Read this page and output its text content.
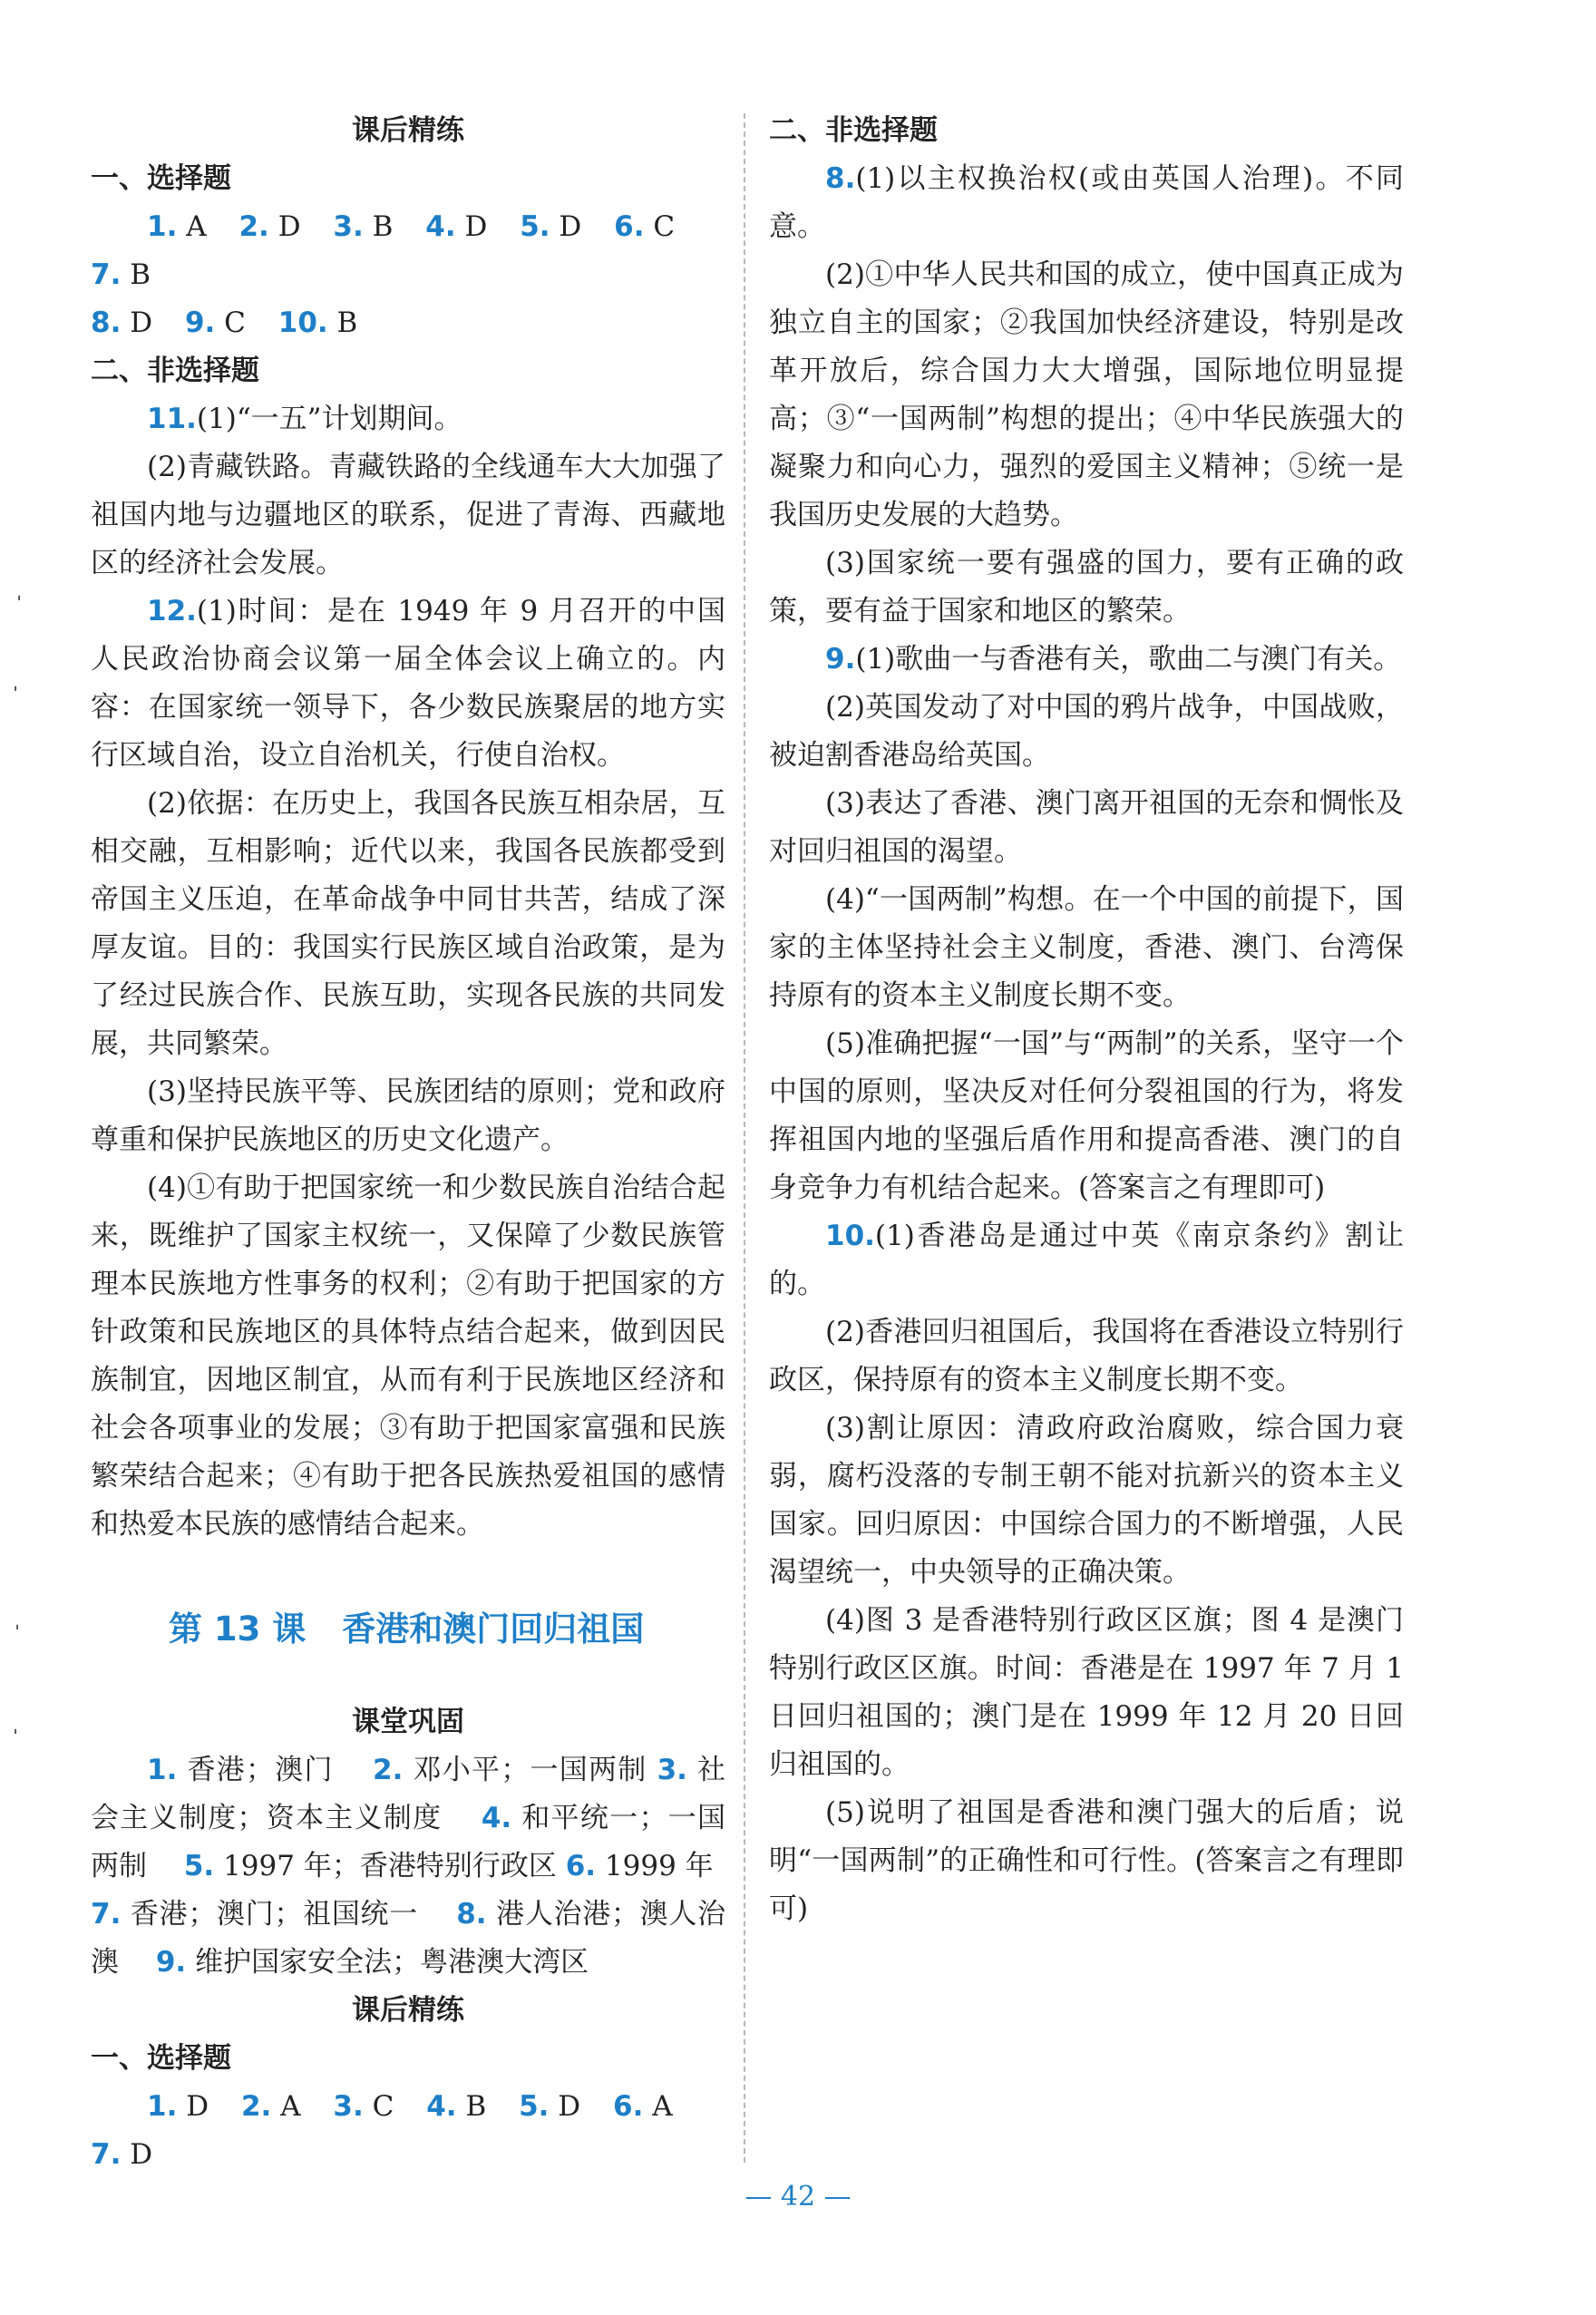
ˌ
ˈ
ˈ
ˈ
课后精练
一、选择题

1. A 2. D 3. B 4. D 5. D 6. C 7. B

8. D 9. C 10. B

二、非选择题

11.(1)“一五”计划期间。

(2)青藏铁路。青藏铁路的全线通车大大加强了祖国内地与边疆地区的联系，促进了青海、西藏地区的经济社会发展。

12.(1)时间：是在 1949 年 9 月召开的中国人民政治协商会议第一届全体会议上确立的。内容：在国家统一领导下，各少数民族聚居的地方实行区域自治，设立自治机关，行使自治权。

(2)依据：在历史上，我国各民族互相杂居，互相交融，互相影响；近代以来，我国各民族都受到帝国主义压迫，在革命战争中同甘共苦，结成了深厚友谊。目的：我国实行民族区域自治政策，是为了经过民族合作、民族互助，实现各民族的共同发展，共同繁荣。

(3)坚持民族平等、民族团结的原则；党和政府尊重和保护民族地区的历史文化遗产。

(4)①有助于把国家统一和少数民族自治结合起来，既维护了国家主权统一，又保障了少数民族管理本民族地方性事务的权利；②有助于把国家的方针政策和民族地区的具体特点结合起来，做到因民族制宜，因地区制宜，从而有利于民族地区经济和社会各项事业的发展；③有助于把国家富强和民族繁荣结合起来；④有助于把各民族热爱祖国的感情和热爱本民族的感情结合起来。

第 13 课 香港和澳门回归祖国
课堂巩固

1. 香港；澳门　 2. 邓小平；一国两制 3. 社会主义制度；资本主义制度　 4. 和平统一；一国两制　 5. 1997 年；香港特别行政区 6. 1999 年　 7. 香港；澳门；祖国统一　 8. 港人治港；澳人治澳　 9. 维护国家安全法；粤港澳大湾区

课后精练
一、选择题

1. D 2. A 3. C 4. B 5. D 6. A 7. D

二、非选择题

8.(1)以主权换治权(或由英国人治理)。不同意。

(2)①中华人民共和国的成立，使中国真正成为独立自主的国家；②我国加快经济建设，特别是改革开放后，综合国力大大增强，国际地位明显提高；③“一国两制”构想的提出；④中华民族强大的凝聚力和向心力，强烈的爱国主义精神；⑤统一是我国历史发展的大趋势。

(3)国家统一要有强盛的国力，要有正确的政策，要有益于国家和地区的繁荣。

9.(1)歌曲一与香港有关，歌曲二与澳门有关。

(2)英国发动了对中国的鸦片战争，中国战败，被迫割香港岛给英国。

(3)表达了香港、澳门离开祖国的无奈和惆怅及对回归祖国的渴望。

(4)“一国两制”构想。在一个中国的前提下，国家的主体坚持社会主义制度，香港、澳门、台湾保持原有的资本主义制度长期不变。

(5)准确把握“一国”与“两制”的关系，坚守一个中国的原则，坚决反对任何分裂祖国的行为，将发挥祖国内地的坚强后盾作用和提高香港、澳门的自身竞争力有机结合起来。(答案言之有理即可)

10.(1)香港岛是通过中英《南京条约》割让的。

(2)香港回归祖国后，我国将在香港设立特别行政区，保持原有的资本主义制度长期不变。

(3)割让原因：清政府政治腐败，综合国力衰弱，腐朽没落的专制王朝不能对抗新兴的资本主义国家。回归原因：中国综合国力的不断增强，人民渴望统一，中央领导的正确决策。

(4)图 3 是香港特别行政区区旗；图 4 是澳门特别行政区区旗。时间：香港是在 1997 年 7 月 1 日回归祖国的；澳门是在 1999 年 12 月 20 日回归祖国的。

(5)说明了祖国是香港和澳门强大的后盾；说明“一国两制”的正确性和可行性。(答案言之有理即可)

— 42 —
